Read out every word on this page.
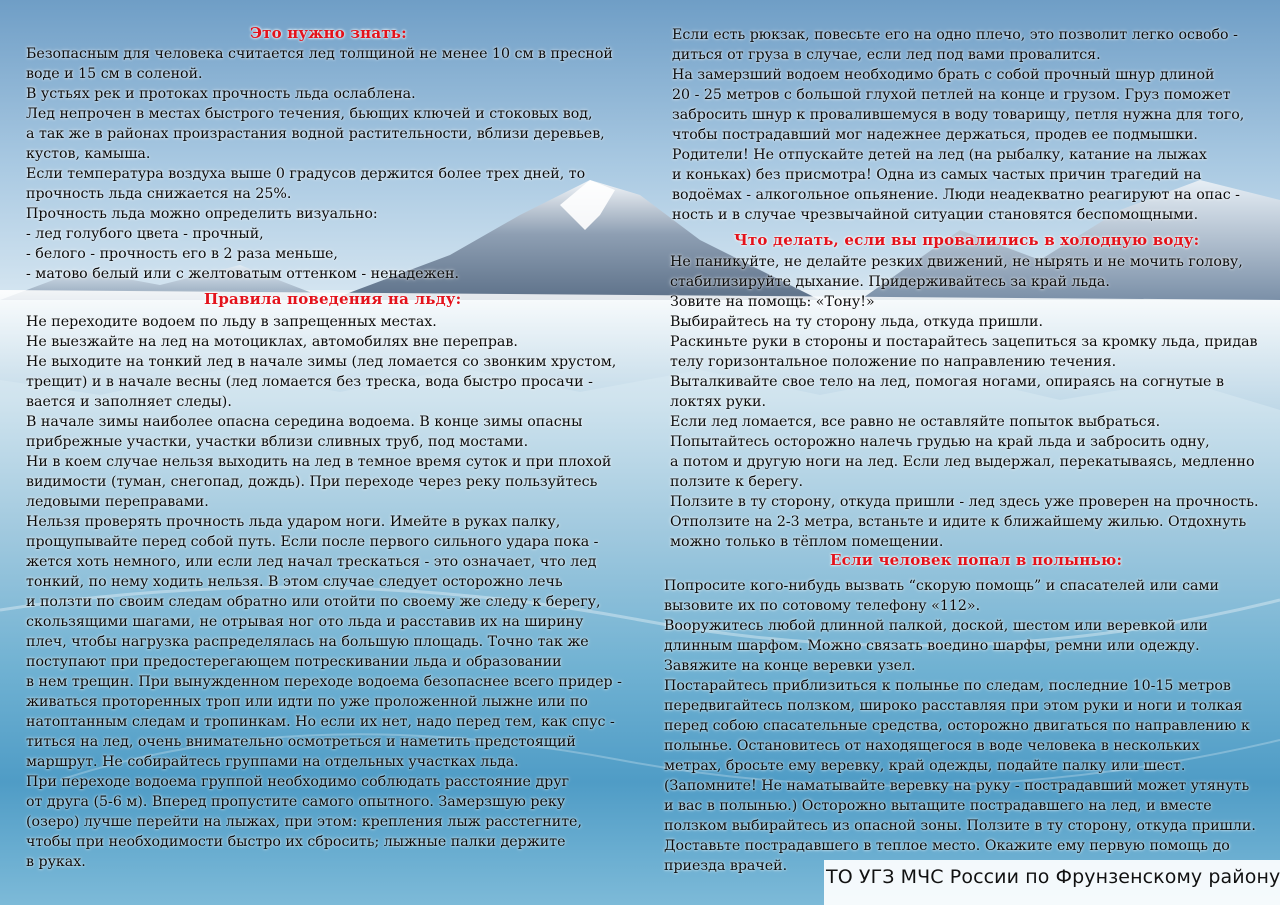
Это нужно знать:
Безопасным для человека считается лед толщиной не менее 10 см в пресной
воде и 15 см в соленой.
В устьях рек и протоках прочность льда ослаблена.
Лед непрочен в местах быстрого течения, бьющих ключей и стоковых вод,
а так же в районах произрастания водной растительности, вблизи деревьев,
кустов, камыша.
Если температура воздуха выше 0 градусов держится более трех дней, то
прочность льда снижается на 25%.
Прочность льда можно определить визуально:
- лед голубого цвета - прочный,
- белого - прочность его в 2 раза меньше,
- матово белый или с желтоватым оттенком - ненадежен.
Правила поведения на льду:
Не переходите водоем по льду в запрещенных местах.
Не выезжайте на лед на мотоциклах, автомобилях вне переправ.
Не выходите на тонкий лед в начале зимы (лед ломается со звонким хрустом,
трещит) и в начале весны (лед ломается без треска, вода быстро просачи -
вается и заполняет следы).
В начале зимы наиболее опасна середина водоема. В конце зимы опасны
прибрежные участки, участки вблизи сливных труб, под мостами.
Ни в коем случае нельзя выходить на лед в темное время суток и при плохой
видимости (туман, снегопад, дождь). При переходе через реку пользуйтесь
ледовыми переправами.
Нельзя проверять прочность льда ударом ноги. Имейте в руках палку,
прощупывайте перед собой путь. Если после первого сильного удара пока -
жется хоть немного, или если лед начал трескаться - это означает, что лед
тонкий, по нему ходить нельзя. В этом случае следует осторожно лечь
и ползти по своим следам обратно или отойти по своему же следу к берегу,
скользящими шагами, не отрывая ног ото льда и расставив их на ширину
плеч, чтобы нагрузка распределялась на большую площадь. Точно так же
поступают при предостерегающем потрескивании льда и образовании
в нем трещин. При вынужденном переходе водоема безопаснее всего придер -
живаться проторенных троп или идти по уже проложенной лыжне или по
натоптанным следам и тропинкам. Но если их нет, надо перед тем, как спус -
титься на лед, очень внимательно осмотреться и наметить предстоящий
маршрут. Не собирайтесь группами на отдельных участках льда.
При переходе водоема группой необходимо соблюдать расстояние друг
от друга (5-6 м). Вперед пропустите самого опытного. Замерзшую реку
(озеро) лучше перейти на лыжах, при этом: крепления лыж расстегните,
чтобы при необходимости быстро их сбросить; лыжные палки держите
в руках.
Если есть рюкзак, повесьте его на одно плечо, это позволит легко освобо -
диться от груза в случае, если лед под вами провалится.
На замерзший водоем необходимо брать с собой прочный шнур длиной
20 - 25 метров с большой глухой петлей на конце и грузом. Груз поможет
забросить шнур к провалившемуся в воду товарищу, петля нужна для того,
чтобы пострадавший мог надежнее держаться, продев ее подмышки.
Родители! Не отпускайте детей на лед (на рыбалку, катание на лыжах
и коньках) без присмотра! Одна из самых частых причин трагедий на
водоёмах - алкогольное опьянение. Люди неадекватно реагируют на опас -
ность и в случае чрезвычайной ситуации становятся беспомощными.
Что делать, если вы провалились в холодную воду:
Не паникуйте, не делайте резких движений, не нырять и не мочить голову,
стабилизируйте дыхание. Придерживайтесь за край льда.
Зовите на помощь: «Тону!»
Выбирайтесь на ту сторону льда, откуда пришли.
Раскиньте руки в стороны и постарайтесь зацепиться за кромку льда, придав
телу горизонтальное положение по направлению течения.
Выталкивайте свое тело на лед, помогая ногами, опираясь на согнутые в
локтях руки.
Если лед ломается, все равно не оставляйте попыток выбраться.
Попытайтесь осторожно налечь грудью на край льда и забросить одну,
а потом и другую ноги на лед. Если лед выдержал, перекатываясь, медленно
ползите к берегу.
Ползите в ту сторону, откуда пришли - лед здесь уже проверен на прочность.
Отползите на 2-3 метра, встаньте и идите к ближайшему жилью. Отдохнуть
можно только в тёплом помещении.
Если человек попал в полынью:
Попросите кого-нибудь вызвать “скорую помощь” и спасателей или сами
вызовите их по сотовому телефону «112».
Вооружитесь любой длинной палкой, доской, шестом или веревкой или
длинным шарфом. Можно связать воедино шарфы, ремни или одежду.
Завяжите на конце веревки узел.
Постарайтесь приблизиться к полынье по следам, последние 10-15 метров
передвигайтесь ползком, широко расставляя при этом руки и ноги и толкая
перед собою спасательные средства, осторожно двигаться по направлению к
полынье. Остановитесь от находящегося в воде человека в нескольких
метрах, бросьте ему веревку, край одежды, подайте палку или шест.
(Запомните! Не наматывайте веревку на руку - пострадавший может утянуть
и вас в полынью.) Осторожно вытащите пострадавшего на лед, и вместе
ползком выбирайтесь из опасной зоны. Ползите в ту сторону, откуда пришли.
Доставьте пострадавшего в теплое место. Окажите ему первую помощь до
приезда врачей. ТО УГЗ МЧС России по Фрунзенскому району
